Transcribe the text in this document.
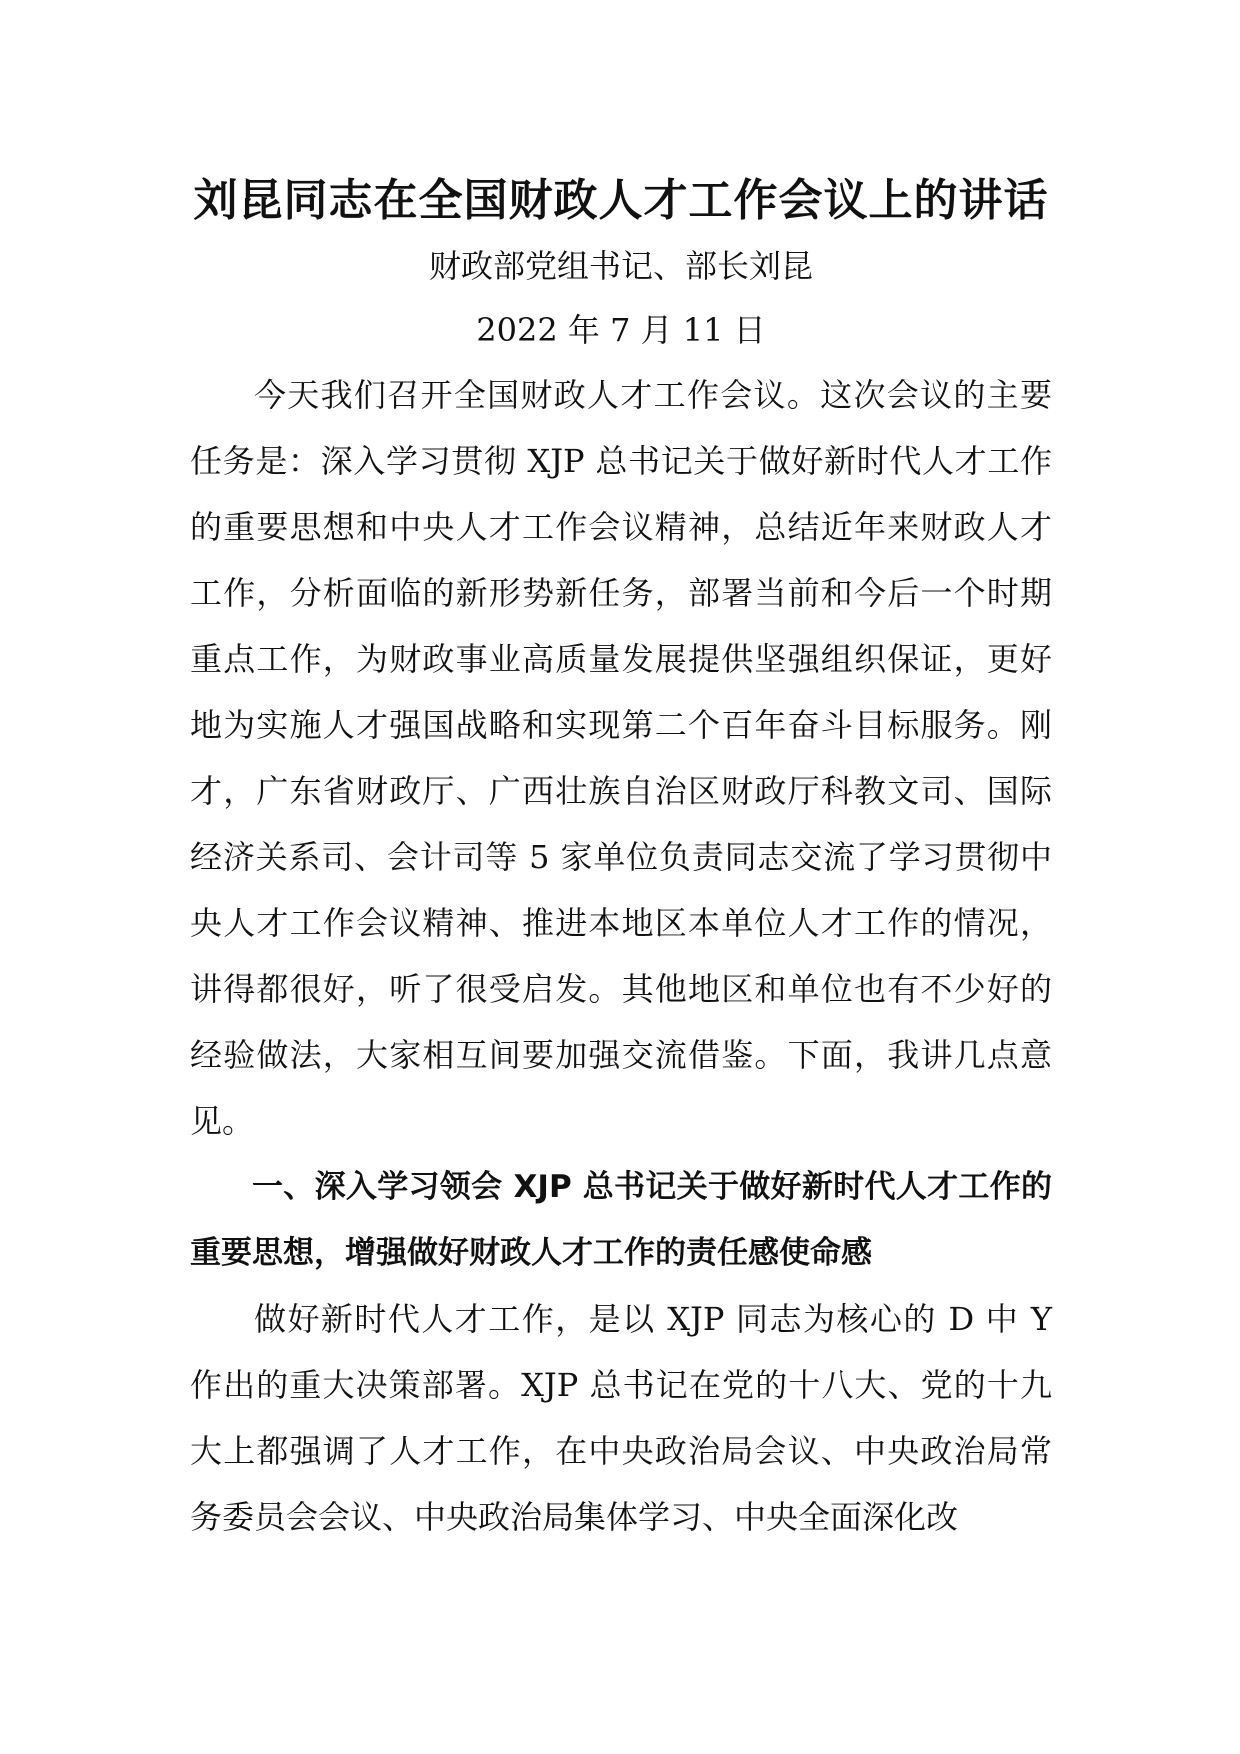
刘昆同志在全国财政人才工作会议上的讲话

财政部党组书记、部长刘昆

2022 年 7 月 11 日

今天我们召开全国财政人才工作会议。这次会议的主要任务是：深入学习贯彻 XJP 总书记关于做好新时代人才工作的重要思想和中央人才工作会议精神，总结近年来财政人才工作，分析面临的新形势新任务，部署当前和今后一个时期重点工作，为财政事业高质量发展提供坚强组织保证，更好地为实施人才强国战略和实现第二个百年奋斗目标服务。刚才，广东省财政厅、广西壮族自治区财政厅科教文司、国际经济关系司、会计司等 5 家单位负责同志交流了学习贯彻中央人才工作会议精神、推进本地区本单位人才工作的情况，讲得都很好，听了很受启发。其他地区和单位也有不少好的经验做法，大家相互间要加强交流借鉴。下面，我讲几点意见。

一、深入学习领会 XJP 总书记关于做好新时代人才工作的重要思想，增强做好财政人才工作的责任感使命感

做好新时代人才工作，是以 XJP 同志为核心的 D 中 Y 作出的重大决策部署。XJP 总书记在党的十八大、党的十九大上都强调了人才工作，在中央政治局会议、中央政治局常务委员会会议、中央政治局集体学习、中央全面深化改
